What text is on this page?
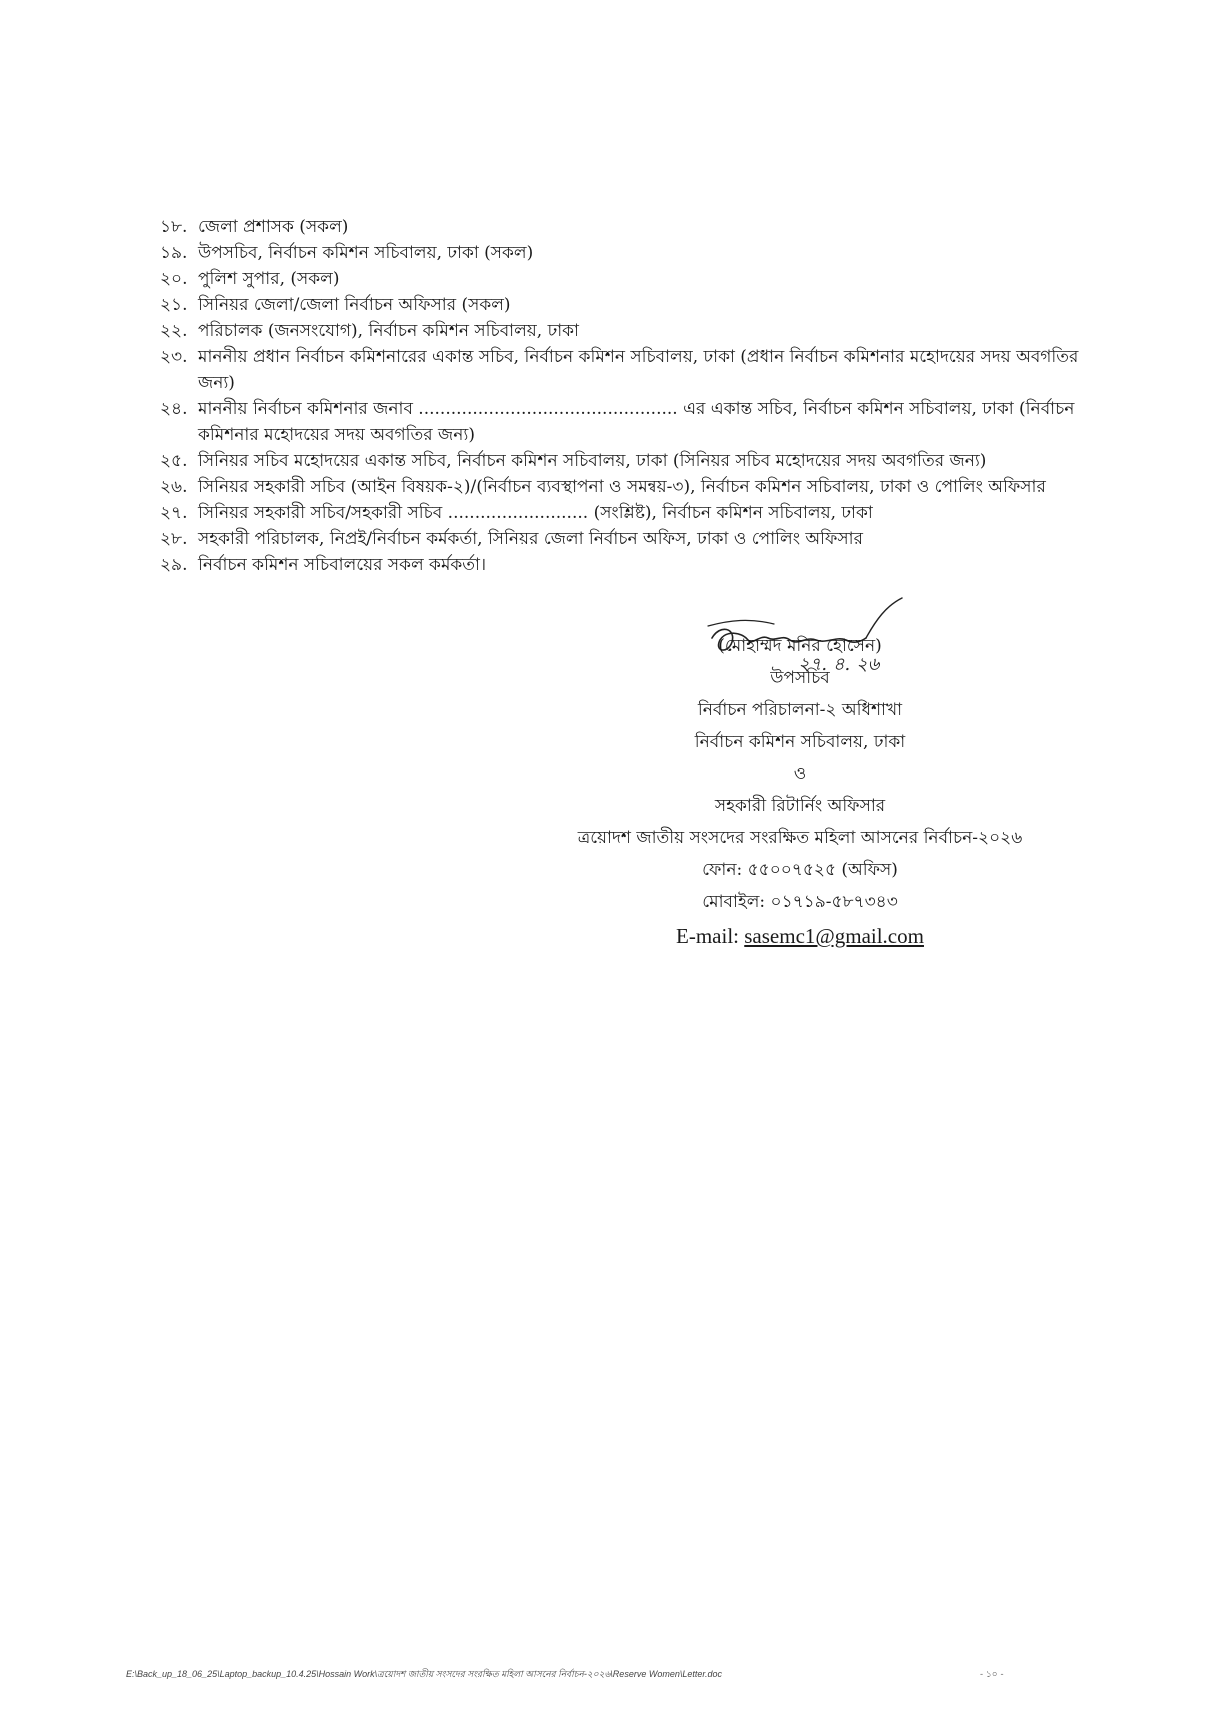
১৮. জেলা প্রশাসক (সকল)
১৯. উপসচিব, নির্বাচন কমিশন সচিবালয়, ঢাকা (সকল)
২০. পুলিশ সুপার, (সকল)
২১. সিনিয়র জেলা/জেলা নির্বাচন অফিসার (সকল)
২২. পরিচালক (জনসংযোগ), নির্বাচন কমিশন সচিবালয়, ঢাকা
২৩. মাননীয় প্রধান নির্বাচন কমিশনারের একান্ত সচিব, নির্বাচন কমিশন সচিবালয়, ঢাকা (প্রধান নির্বাচন কমিশনার মহোদয়ের সদয় অবগতির জন্য)
২৪. মাননীয় নির্বাচন কমিশনার জনাব ................................................ এর একান্ত সচিব, নির্বাচন কমিশন সচিবালয়, ঢাকা (নির্বাচন কমিশনার মহোদয়ের সদয় অবগতির জন্য)
২৫. সিনিয়র সচিব মহোদয়ের একান্ত সচিব, নির্বাচন কমিশন সচিবালয়, ঢাকা (সিনিয়র সচিব মহোদয়ের সদয় অবগতির জন্য)
২৬. সিনিয়র সহকারী সচিব (আইন বিষয়ক-২)/(নির্বাচন ব্যবস্থাপনা ও সমন্বয়-৩), নির্বাচন কমিশন সচিবালয়, ঢাকা ও পোলিং অফিসার
২৭. সিনিয়র সহকারী সচিব/সহকারী সচিব .......................... (সংশ্লিষ্ট), নির্বাচন কমিশন সচিবালয়, ঢাকা
২৮. সহকারী পরিচালক, নিপ্রই/নির্বাচন কর্মকর্তা, সিনিয়র জেলা নির্বাচন অফিস, ঢাকা ও পোলিং অফিসার
২৯. নির্বাচন কমিশন সচিবালয়ের সকল কর্মকর্তা।
২৭. ৪. ২৬
(মোহাম্মদ মনির হোসেন)
উপসচিব
নির্বাচন পরিচালনা-২ অধিশাখা
নির্বাচন কমিশন সচিবালয়, ঢাকা
ও
সহকারী রিটার্নিং অফিসার
ত্রয়োদশ জাতীয় সংসদের সংরক্ষিত মহিলা আসনের নির্বাচন-২০২৬
ফোন: ৫৫০০৭৫২৫ (অফিস)
মোবাইল: ০১৭১৯-৫৮৭৩৪৩
E-mail: sasemc1@gmail.com
E:\Back_up_18_06_25\Laptop_backup_10.4.25\Hossain Work\ত্রয়োদশ জাতীয় সংসদের সংরক্ষিত মহিলা আসনের নির্বাচন-২০২৬\Reserve Women\Letter.doc	- ১০ -
